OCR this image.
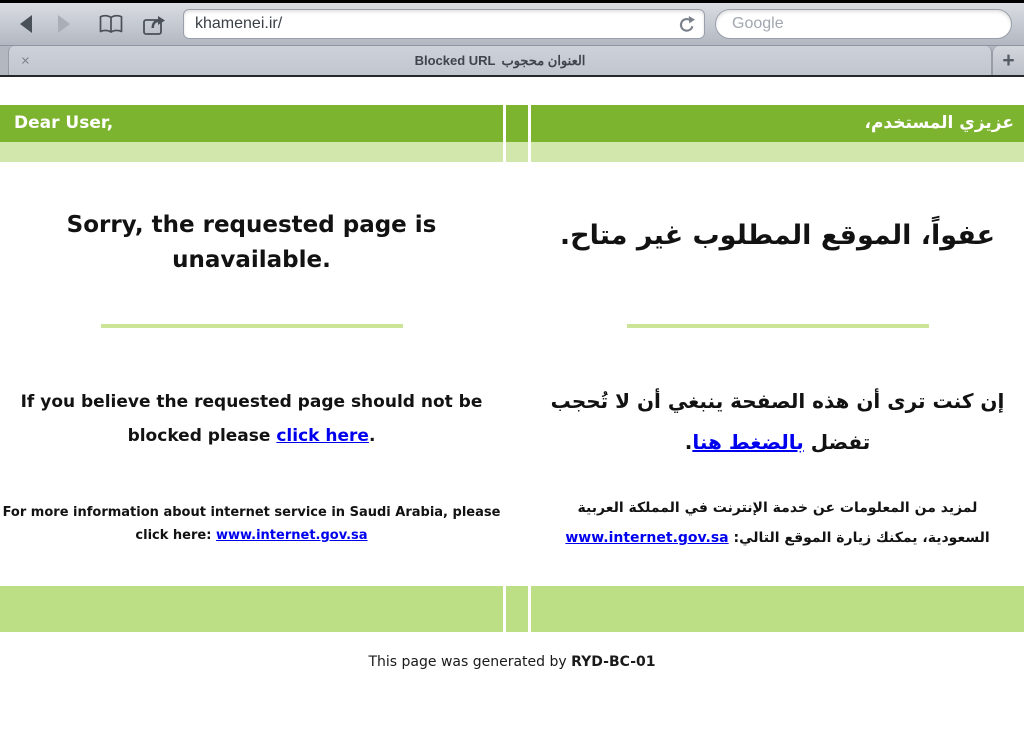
khamenei.ir/
Google
×	Blocked URL العنوان محجوب	+
Dear User,	عزيزي المستخدم،
Sorry, the requested page is unavailable.
If you believe the requested page should not be blocked please click here.
For more information about internet service in Saudi Arabia, please click here: www.internet.gov.sa
عفواً، الموقع المطلوب غير متاح.
إن كنت ترى أن هذه الصفحة ينبغي أن لا تُحجب تفضل بالضغط هنا.
لمزيد من المعلومات عن خدمة الإنترنت في المملكة العربية السعودية، يمكنك زيارة الموقع التالي: www.internet.gov.sa
This page was generated by RYD-BC-01
